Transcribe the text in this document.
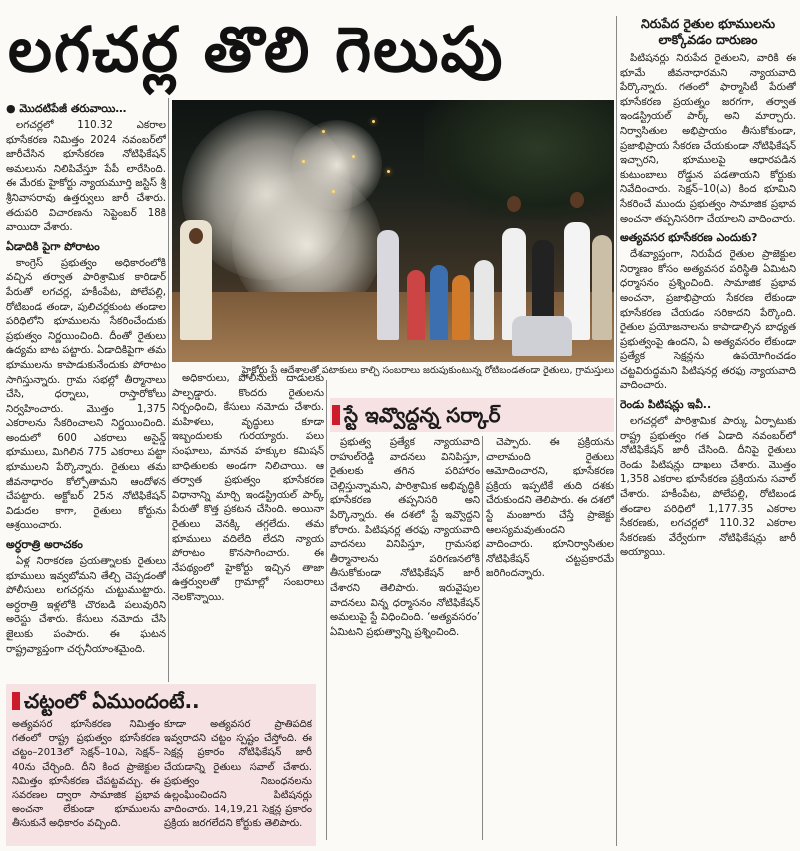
లగచర్ల తొలి గెలుపు
● మొదటిపేజీ తరువాయి…

లగచర్లలో 110.32 ఎకరాల భూసేకరణ నిమిత్తం 2024 నవంబర్‌లో జారీచేసిన భూసేకరణ నోటిఫికేషన్ అమలును నిలిపివేస్తూ పేపీ లారేసింది. ఈ మేరకు హైకోర్టు న్యాయమూర్తి జస్టిస్ శ్రీ శ్రీనివాసరావు ఉత్తర్వులు జారీ చేశారు. తదుపరి విచారణను సెప్టెంబర్ 18కి వాయిదా వేశారు.

ఏడాదికి పైగా పోరాటం

కాంగ్రెస్ ప్రభుత్వం అధికారంలోకి వచ్చిన తర్వాత పారిశ్రామిక కారిడార్ పేరుతో లగచర్ల, హకీంపేట, పోలేపల్లి, రోటిబండ తండా, పులిచర్లకుంట తండాల పరిధిలోని భూములను సేకరించేందుకు ప్రభుత్వం నిర్ణయించింది. దీంతో రైతులు ఉద్యమ బాట పట్టారు. ఏడాదికిపైగా తమ భూములను కాపాడుకునేందుకు పోరాటం సాగిస్తున్నారు. గ్రామ సభల్లో తీర్మానాలు చేసి, ధర్నాలు, రాస్తారోకోలు నిర్వహించారు. మొత్తం 1,375 ఎకరాలను సేకరించాలని నిర్ణయించింది. అందులో 600 ఎకరాలు అసైన్డ్ భూములు, మిగిలిన 775 ఎకరాలు పట్టా భూములని పేర్కొన్నారు. రైతులు తమ జీవనాధారం కోల్పోతామని ఆందోళన చేపట్టారు. అక్టోబర్ 25న నోటిఫికేషన్ విడుదల కాగా, రైతులు కోర్టును ఆశ్రయించారు.

అర్ధరాత్రి అరాచకం

ఏళ్ల నిరాకరణ ప్రయత్నాలకు రైతులు భూములు ఇవ్వబోమని తేల్చి చెప్పడంతో పోలీసులు లగచర్లను చుట్టుముట్టారు. అర్ధరాత్రి ఇళ్లలోకి చొరబడి పలువురిని అరెస్టు చేశారు. కేసులు నమోదు చేసి జైలుకు పంపారు. ఈ ఘటన రాష్ట్రవ్యాప్తంగా చర్చనీయాంశమైంది.

హైకోర్టు స్టే ఆదేశాలతో పటాకులు కాల్చి సంబరాలు జరుపుకుంటున్న రోటిబండతండా రైతులు, గ్రామస్తులు
స్టే ఇవ్వొద్దన్న సర్కార్

అధికారులు, పోలీసులు దాడులకు పాల్పడ్డారు. కొందరు రైతులను నిర్బంధించి, కేసులు నమోదు చేశారు. మహిళలు, వృద్ధులు కూడా ఇబ్బందులకు గురయ్యారు. పలు సంఘాలు, మానవ హక్కుల కమిషన్ బాధితులకు అండగా నిలిచాయి. ఆ తర్వాత ప్రభుత్వం భూసేకరణ విధానాన్ని మార్చి ఇండస్ట్రియల్ పార్క్ పేరుతో కొత్త ప్రకటన చేసింది. అయినా రైతులు వెనక్కి తగ్గలేదు. తమ భూములు వదిలేది లేదని న్యాయ పోరాటం కొనసాగించారు. ఈ నేపథ్యంలో హైకోర్టు ఇచ్చిన తాజా ఉత్తర్వులతో గ్రామాల్లో సంబరాలు నెలకొన్నాయి.

ప్రభుత్వ ప్రత్యేక న్యాయవాది రాహుల్‌రెడ్డి వాదనలు వినిపిస్తూ, రైతులకు తగిన పరిహారం చెల్లిస్తున్నామని, పారిశ్రామిక అభివృద్ధికి భూసేకరణ తప్పనిసరి అని పేర్కొన్నారు. ఈ దశలో స్టే ఇవ్వొద్దని కోరారు. పిటిషనర్ల తరఫు న్యాయవాది వాదనలు వినిపిస్తూ, గ్రామసభ తీర్మానాలను పరిగణనలోకి తీసుకోకుండా నోటిఫికేషన్ జారీ చేశారని తెలిపారు. ఇరువైపుల వాదనలు విన్న ధర్మాసనం నోటిఫికేషన్ అమలుపై స్టే విధించింది. ‘అత్యవసరం’ ఏమిటని ప్రభుత్వాన్ని ప్రశ్నించింది.

చెప్పారు. ఈ ప్రక్రియను చాలామంది రైతులు ఆమోదించారని, భూసేకరణ ప్రక్రియ ఇప్పటికే తుది దశకు చేరుకుందని తెలిపారు. ఈ దశలో స్టే మంజూరు చేస్తే ప్రాజెక్టు ఆలస్యమవుతుందని వాదించారు. భూనిర్వాసితుల నోటిఫికేషన్ చట్టప్రకారమే జరిగిందన్నారు.

చట్టంలో ఏముందంటే..
అత్యవసర భూసేకరణ నిమిత్తం గతంలో రాష్ట్ర ప్రభుత్వం భూసేకరణ చట్టం–2013లో సెక్షన్–10ఎ, సెక్షన్–40ను చేర్చింది. దీని కింద ప్రాజెక్టుల నిమిత్తం భూసేకరణ చేపట్టవచ్చు. ఈ సవరణల ద్వారా సామాజిక ప్రభావ అంచనా లేకుండా భూములను తీసుకునే అధికారం వచ్చింది.
కూడా అత్యవసర ప్రాతిపదిక ఇవ్వరాదని చట్టం స్పష్టం చేస్తోంది. ఈ సెక్షన్ల ప్రకారం నోటిఫికేషన్ జారీ చేయడాన్ని రైతులు సవాల్ చేశారు. ప్రభుత్వం నిబంధనలను ఉల్లంఘించిందని పిటిషనర్లు వాదించారు. 14,19,21 సెక్షన్ల ప్రకారం ప్రక్రియ జరగలేదని కోర్టుకు తెలిపారు.
నిరుపేద రైతుల భూములను లాక్కోవడం దారుణం

పిటిషనర్లు నిరుపేద రైతులని, వారికి ఈ భూమే జీవనాధారమని న్యాయవాది పేర్కొన్నారు. గతంలో ఫార్మాసిటీ పేరుతో భూసేకరణ ప్రయత్నం జరగగా, తర్వాత ఇండస్ట్రియల్ పార్క్ అని మార్చారు. నిర్వాసితుల అభిప్రాయం తీసుకోకుండా, ప్రజాభిప్రాయ సేకరణ చేయకుండా నోటిఫికేషన్ ఇచ్చారని, భూములపై ఆధారపడిన కుటుంబాలు రోడ్డున పడతాయని కోర్టుకు నివేదించారు. సెక్షన్–10(ఎ) కింద భూమిని సేకరించే ముందు ప్రభుత్వం సామాజిక ప్రభావ అంచనా తప్పనిసరిగా చేయాలని వాదించారు.

అత్యవసర భూసేకరణ ఎందుకు?

దేశవ్యాప్తంగా, నిరుపేద రైతుల ప్రాజెక్టుల నిర్మాణం కోసం అత్యవసర పరిస్థితి ఏమిటని ధర్మాసనం ప్రశ్నించింది. సామాజిక ప్రభావ అంచనా, ప్రజాభిప్రాయ సేకరణ లేకుండా భూసేకరణ చేయడం సరికాదని పేర్కొంది. రైతుల ప్రయోజనాలను కాపాడాల్సిన బాధ్యత ప్రభుత్వంపై ఉందని, ఏ అత్యవసరం లేకుండా ప్రత్యేక సెక్షన్లను ఉపయోగించడం చట్టవిరుద్ధమని పిటిషనర్ల తరఫు న్యాయవాది వాదించారు.

రెండు పిటిషన్లు ఇవీ..

లగచర్లలో పారిశ్రామిక పార్కు ఏర్పాటుకు రాష్ట్ర ప్రభుత్వం గత ఏడాది నవంబర్‌లో నోటిఫికేషన్ జారీ చేసింది. దీనిపై రైతులు రెండు పిటిషన్లు దాఖలు చేశారు. మొత్తం 1,358 ఎకరాల భూసేకరణ ప్రక్రియను సవాల్ చేశారు. హకీంపేట, పోలేపల్లి, రోటిబండ తండాల పరిధిలో 1,177.35 ఎకరాల సేకరణకు, లగచర్లలో 110.32 ఎకరాల సేకరణకు వేర్వేరుగా నోటిఫికేషన్లు జారీ అయ్యాయి.
